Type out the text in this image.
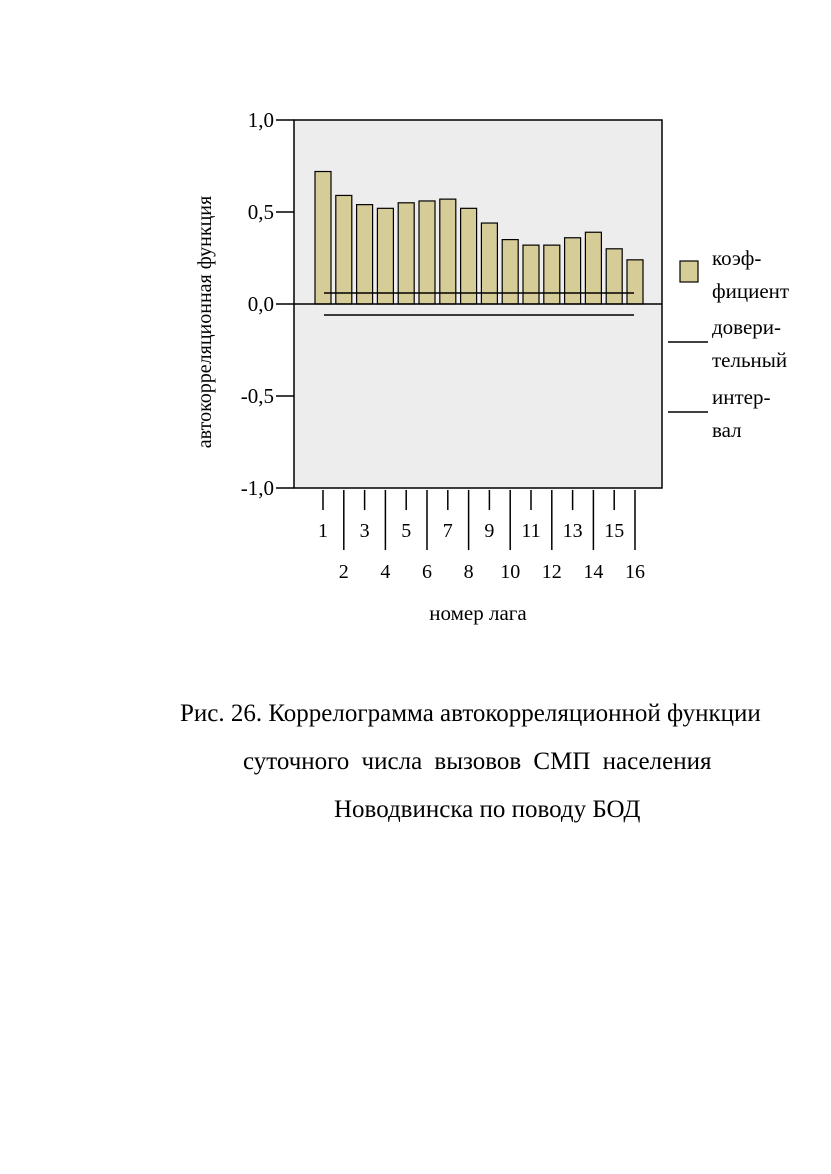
1,0
0,5
0,0
-0,5
-1,0
1
2
3
4
5
6
7
8
9
10
11
12
13
14
15
16
автокорреляционная функция
номер лага
коэф-
фициент
довери-
тельный
интер-
вал
Рис. 26. Коррелограмма автокорреляционной функции
суточного числа вызовов СМП населения
Новодвинска по поводу БОД
